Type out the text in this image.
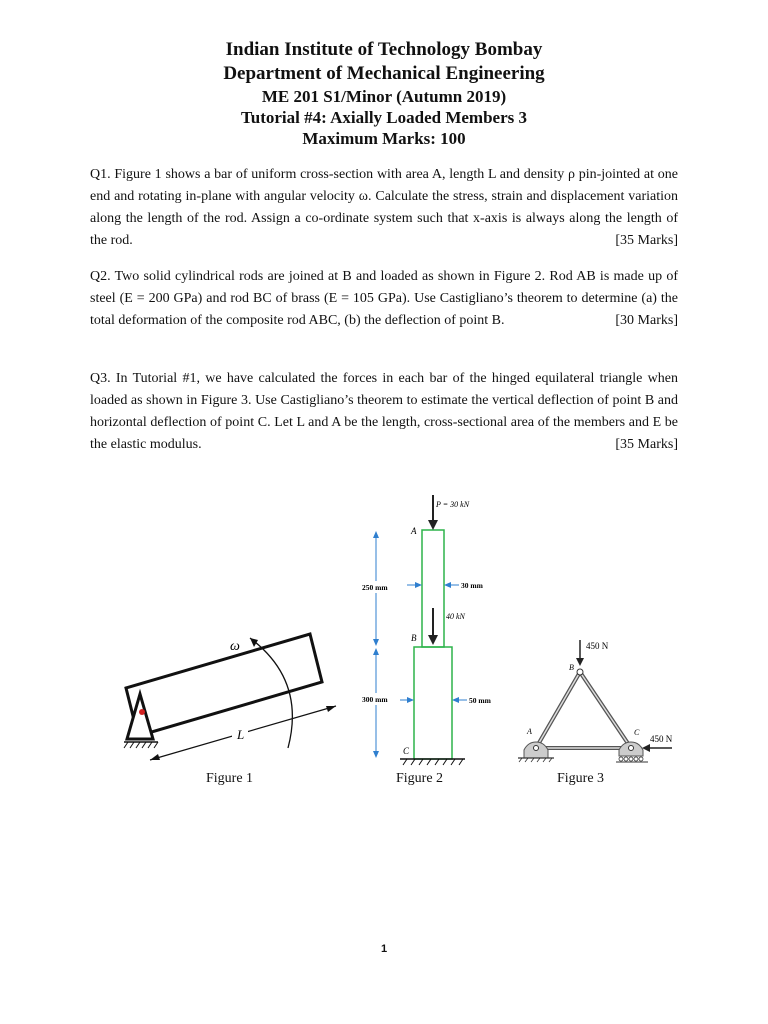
Indian Institute of Technology Bombay
Department of Mechanical Engineering
ME 201 S1/Minor (Autumn 2019)
Tutorial #4: Axially Loaded Members 3
Maximum Marks: 100
Q1. Figure 1 shows a bar of uniform cross-section with area A, length L and density ρ pin-jointed at one end and rotating in-plane with angular velocity ω. Calculate the stress, strain and displacement variation along the length of the rod. Assign a co-ordinate system such that x-axis is always along the length of the rod.	[35 Marks]
Q2. Two solid cylindrical rods are joined at B and loaded as shown in Figure 2. Rod AB is made up of steel (E = 200 GPa) and rod BC of brass (E = 105 GPa). Use Castigliano’s theorem to determine (a) the total deformation of the composite rod ABC, (b) the deflection of point B.	[30 Marks]
Q3. In Tutorial #1, we have calculated the forces in each bar of the hinged equilateral triangle when loaded as shown in Figure 3. Use Castigliano’s theorem to estimate the vertical deflection of point B and horizontal deflection of point C. Let L and A be the length, cross-sectional area of the members and E be the elastic modulus.	[35 Marks]
ω
L
Figure 1
P = 30 kN
40 kN
A
B
C
250 mm
300 mm
30 mm
50 mm
Figure 2
450 N
450 N
A
B
C
Figure 3
1
